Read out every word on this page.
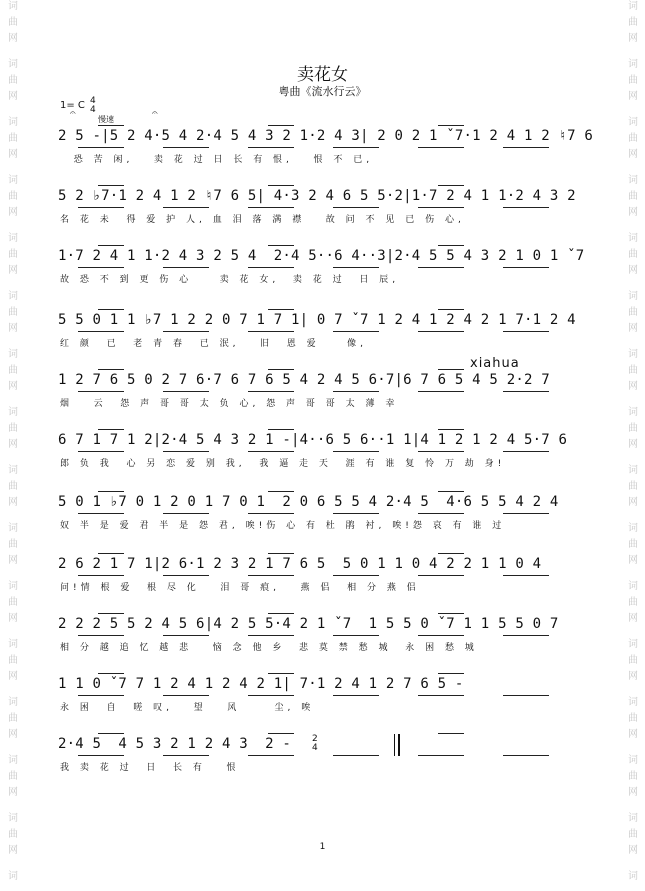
词
曲
网
词
曲
网
词
曲
网
词
曲
网
词
曲
网
词
曲
网
词
曲
网
词
曲
网
词
曲
网
词
曲
网
词
曲
网
词
曲
网
词
曲
网
词
曲
网
词
曲
网
词
词
曲
网
词
曲
网
词
曲
网
词
曲
网
词
曲
网
词
曲
网
词
曲
网
词
曲
网
词
曲
网
词
曲
网
词
曲
网
词
曲
网
词
曲
网
词
曲
网
词
曲
网
词
卖花女
粤曲《流水行云》
1= C 4
4
慢速
𝄐	𝄐
2 5 -|5 2 4·5 4 2·4 5 4 3 2 1·2 4 3| 2 0 2 1 ˇ7·1 2 4 1 2 ♮7 6
恐 苦 闲,   卖 花 过 日 长 有 恨,   恨 不 已,
5 2 ♭7·1 2 4 1 2 ♮7 6 5| 4·3 2 4 6 5 5·2|1·7 2 4 1 1·2 4 3 2
名 花 未  得 爱 护 人, 血 泪 落 满 襟   故 问 不 见 已 伤 心,
1·7 2 4 1 1·2 4 3 2 5 4  2·4 5··6 4··3|2·4 5 5 4 3 2 1 0 1 ˇ7
故 恐 不 到 更 伤 心    卖 花 女,  卖 花 过  日 辰,
5 5 0 1 1 ♭7 1 2 2 0 7 1 7 1| 0 7 ˇ7 1 2 4 1 2 4 2 1 7·1 2 4
红 颜  已  老 青 春  已 泯,   旧  恩 爱    像,
1 2 7 6 5 0 2 7 6·7 6 7 6 5 4 2 4 5 6·7|6 7 6 5 4 5 2·2 7
烟   云  怨 声 哥 哥 太 负 心, 怨 声 哥 哥 太 薄 幸
6 7 1 7 1 2|2·4 5 4 3 2 1 -|4··6 5 6··1 1|4 1 2 1 2 4 5·7 6
郎 负 我  心 另 恋 爱 别 我,  我 逼 走 天  涯 有 谁 复 怜 万 劫 身!
5 0 1 ♭7 0 1 2 0 1 7 0 1  2 0 6 5 5 4 2·4 5  4·6 5 5 4 2 4
奴 半 是 爱 君 半 是 怨 君, 唉!伤 心 有 杜 鹃 衬, 唉!怨 哀 有 谁 过
2 6 2 1 7 1|2 6·1 2 3 2 1 7 6 5  5 0 1 1 0 4 2 2 1 1 0 4
问!情 根 爱  根 尽 化   泪 哥 痕,   燕 侣  相 分 燕 侣
2 2 2 5 5 2 4 5 6|4 2 5 5·4 2 1 ˇ7  1 5 5 0 ˇ7 1 1 5 5 0 7
相 分 越 追 忆 越 悲   恼 念 他 乡  悲 莫 禁 愁 城  永 困 愁 城
1 1 0 ˇ7 7 1 2 4 1 2 4 2 1| 7·1 2 4 1 2 7 6 5 -
永 困  自  嗟 叹,   望   风     尘, 唉
2·4 5  4 5 3 2 1 2 4 3  2 -
我 卖 花 过  日  长 有   恨
xiahua
2
4
1
